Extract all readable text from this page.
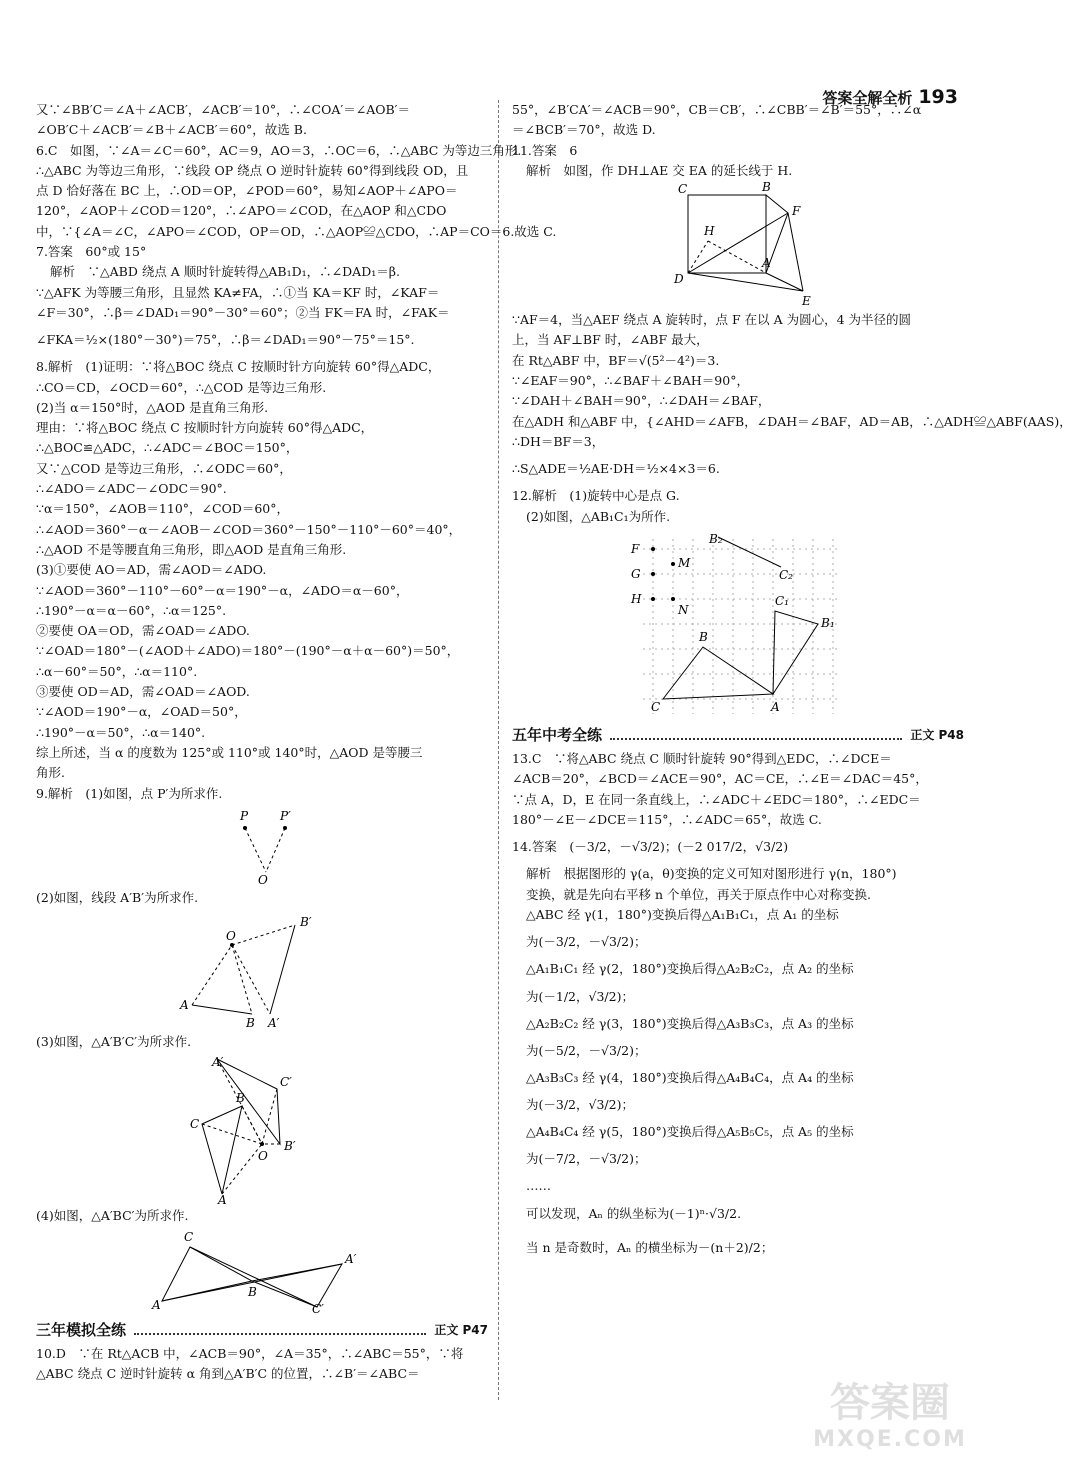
答案全解全析 193
又∵∠BB′C＝∠A＋∠ACB′，∠ACB′＝10°，∴∠COA′＝∠AOB′＝
∠OB′C＋∠ACB′＝∠B＋∠ACB′＝60°，故选 B.
6.C　如图，∵∠A＝∠C＝60°，AC＝9，AO＝3，∴OC＝6，∴△ABC 为等边三角形.
∴△ABC 为等边三角形，∵线段 OP 绕点 O 逆时针旋转 60°得到线段 OD，且
点 D 恰好落在 BC 上，∴OD＝OP，∠POD＝60°，易知∠AOP＋∠APO＝
120°，∠AOP＋∠COD＝120°，∴∠APO＝∠COD，在△AOP 和△CDO
中，∵{∠A＝∠C，∠APO＝∠COD，OP＝OD，∴△AOP≌△CDO，∴AP＝CO＝6.故选 C.
7.答案　60°或 15°
解析　∵△ABD 绕点 A 顺时针旋转得△AB₁D₁，∴∠DAD₁＝β.
∵△AFK 为等腰三角形，且显然 KA≠FA，∴①当 KA＝KF 时，∠KAF＝
∠F＝30°，∴β＝∠DAD₁＝90°－30°＝60°；②当 FK＝FA 时，∠FAK＝
∠FKA＝½×(180°－30°)＝75°，∴β＝∠DAD₁＝90°－75°＝15°.
8.解析　(1)证明：∵将△BOC 绕点 C 按顺时针方向旋转 60°得△ADC，
∴CO＝CD，∠OCD＝60°，∴△COD 是等边三角形.
(2)当 α＝150°时，△AOD 是直角三角形.
理由：∵将△BOC 绕点 C 按顺时针方向旋转 60°得△ADC，
∴△BOC≌△ADC，∴∠ADC＝∠BOC＝150°，
又∵△COD 是等边三角形，∴∠ODC＝60°，
∴∠ADO＝∠ADC－∠ODC＝90°.
∵α＝150°，∠AOB＝110°，∠COD＝60°，
∴∠AOD＝360°－α－∠AOB－∠COD＝360°－150°－110°－60°＝40°，
∴△AOD 不是等腰直角三角形，即△AOD 是直角三角形.
(3)①要使 AO＝AD，需∠AOD＝∠ADO.
∵∠AOD＝360°－110°－60°－α＝190°－α，∠ADO＝α－60°，
∴190°－α＝α－60°，∴α＝125°.
②要使 OA＝OD，需∠OAD＝∠ADO.
∵∠OAD＝180°－(∠AOD＋∠ADO)＝180°－(190°－α＋α－60°)＝50°，
∴α－60°＝50°，∴α＝110°.
③要使 OD＝AD，需∠OAD＝∠AOD.
∵∠AOD＝190°－α，∠OAD＝50°，
∴190°－α＝50°，∴α＝140°.
综上所述，当 α 的度数为 125°或 110°或 140°时，△AOD 是等腰三
角形.
9.解析　(1)如图，点 P′为所求作.
P	P′
O
(2)如图，线段 A′B′为所求作.
O
B′
A
B A′
(3)如图，△A′B′C′为所求作.
A′
C′
B′
C
B
O
A
(4)如图，△A′BC′为所求作.
C
A
B
A′
C′
三年模拟全练	正文 P47
10.D　∵在 Rt△ACB 中，∠ACB＝90°，∠A＝35°，∴∠ABC＝55°，∵将
△ABC 绕点 C 逆时针旋转 α 角到△A′B′C 的位置，∴∠B′＝∠ABC＝
55°，∠B′CA′＝∠ACB＝90°，CB＝CB′，∴∠CBB′＝∠B′＝55°，∴∠α
＝∠BCB′＝70°，故选 D.
11.答案　6
解析　如图，作 DH⊥AE 交 EA 的延长线于 H.
C	B
F
H
D
A
E
∵AF＝4，当△AEF 绕点 A 旋转时，点 F 在以 A 为圆心，4 为半径的圆
上，当 AF⊥BF 时，∠ABF 最大，
在 Rt△ABF 中，BF＝√(5²－4²)＝3.
∵∠EAF＝90°，∴∠BAF＋∠BAH＝90°，
∵∠DAH＋∠BAH＝90°，∴∠DAH＝∠BAF，
在△ADH 和△ABF 中，{∠AHD＝∠AFB，∠DAH＝∠BAF，AD＝AB，∴△ADH≌△ABF(AAS)，
∴DH＝BF＝3，
∴S△ADE＝½AE·DH＝½×4×3＝6.
12.解析　(1)旋转中心是点 G.
(2)如图，△AB₁C₁为所作.
F
G
H
M
N
B₂
C₂
C₁
B₁
B
C	A
五年中考全练	正文 P48
13.C　∵将△ABC 绕点 C 顺时针旋转 90°得到△EDC，∴∠DCE＝
∠ACB＝20°，∠BCD＝∠ACE＝90°，AC＝CE，∴∠E＝∠DAC＝45°，
∵点 A，D，E 在同一条直线上，∴∠ADC＋∠EDC＝180°，∴∠EDC＝
180°－∠E－∠DCE＝115°，∴∠ADC＝65°，故选 C.
14.答案　(－3/2，－√3/2)；(－2 017/2，√3/2)
解析　根据图形的 γ(a，θ)变换的定义可知对图形进行 γ(n，180°)
变换，就是先向右平移 n 个单位，再关于原点作中心对称变换.
△ABC 经 γ(1，180°)变换后得△A₁B₁C₁，点 A₁ 的坐标
为(－3/2，－√3/2)；
△A₁B₁C₁ 经 γ(2，180°)变换后得△A₂B₂C₂，点 A₂ 的坐标
为(－1/2，√3/2)；
△A₂B₂C₂ 经 γ(3，180°)变换后得△A₃B₃C₃，点 A₃ 的坐标
为(－5/2，－√3/2)；
△A₃B₃C₃ 经 γ(4，180°)变换后得△A₄B₄C₄，点 A₄ 的坐标
为(－3/2，√3/2)；
△A₄B₄C₄ 经 γ(5，180°)变换后得△A₅B₅C₅，点 A₅ 的坐标
为(－7/2，－√3/2)；
……
可以发现，Aₙ 的纵坐标为(－1)ⁿ·√3/2.
当 n 是奇数时，Aₙ 的横坐标为－(n＋2)/2；
答案圈
MXQE.COM
